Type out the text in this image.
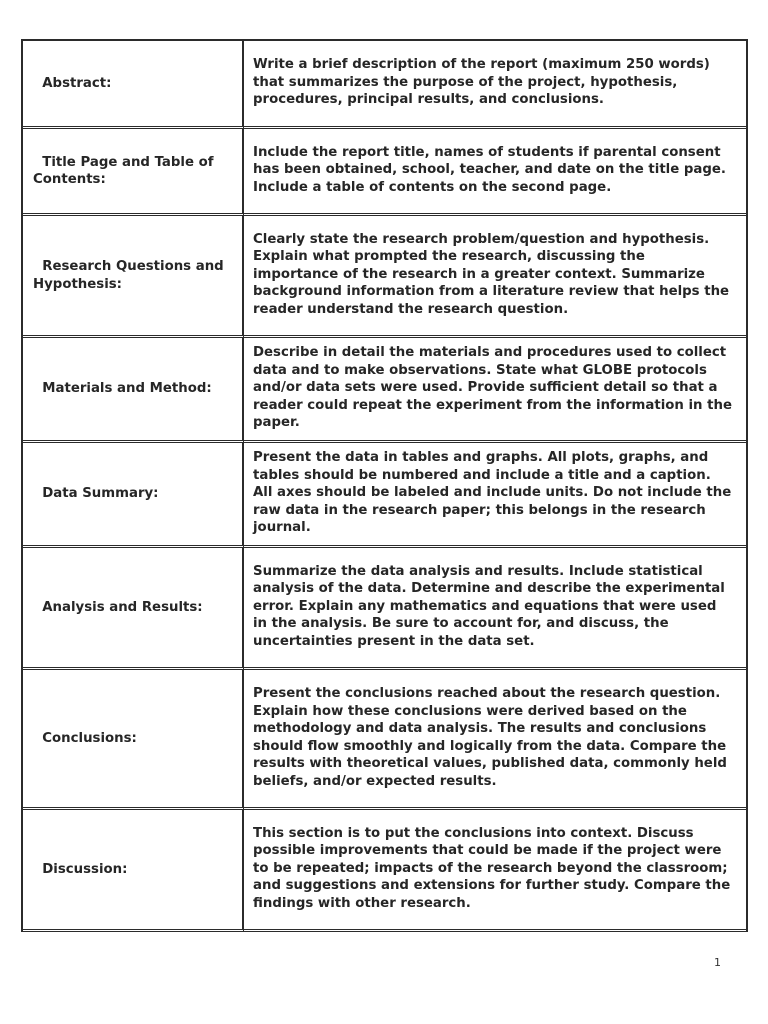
Abstract:	Write a brief description of the report (maximum 250 words) that summarizes the purpose of the project, hypothesis, procedures, principal results, and conclusions.

Title Page and Table of   Contents:	Include the report title, names of students if parental consent has been obtained, school, teacher, and date on the title page. Include a table of contents on the second page.

Research Questions and   Hypothesis:	Clearly state the research problem/question and hypothesis. Explain what prompted the research, discussing the importance of the research in a greater context. Summarize background information from a literature review that helps the reader understand the research question.

Materials and Method:	Describe in detail the materials and procedures used to collect data and to make observations. State what GLOBE protocols and/or data sets were used. Provide sufficient detail so that a reader could repeat the experiment from the information in the paper.

Data Summary:	Present the data in tables and graphs. All plots, graphs, and tables should be numbered and include a title and a caption. All axes should be labeled and include units. Do not include the raw data in the research paper; this belongs in the research journal.

Analysis and Results:	Summarize the data analysis and results. Include statistical analysis of the data. Determine and describe the experimental error. Explain any mathematics and equations that were used in the analysis. Be sure to account for, and discuss, the uncertainties present in the data set.

Conclusions:	Present the conclusions reached about the research question. Explain how these conclusions were derived based on the methodology and data analysis. The results and conclusions should flow smoothly and logically from the data. Compare the results with theoretical values, published data, commonly held beliefs, and/or expected results.

Discussion:	This section is to put the conclusions into context. Discuss possible improvements that could be made if the project were to be repeated; impacts of the research beyond the classroom; and suggestions and extensions for further study. Compare the findings with other research.
1
